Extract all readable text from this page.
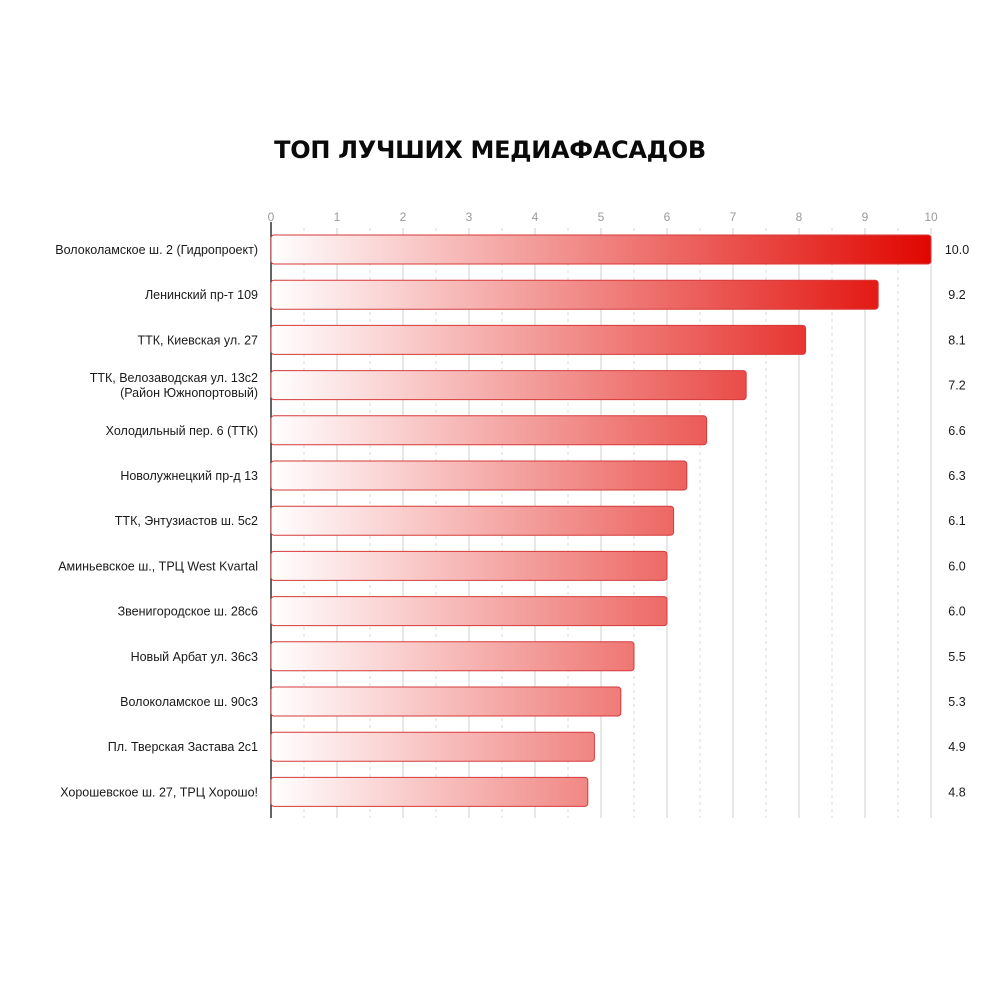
ТОП ЛУЧШИХ МЕДИАФАСАДОВ
0	1	2	3	4	5	6	7	8	9	10
Волоколамское ш. 2 (Гидропроект)
Ленинский пр-т 109
ТТК, Киевская ул. 27
ТТК, Велозаводская ул. 13с2 (Район Южнопортовый)
Холодильный пер. 6 (ТТК)
Новолужнецкий пр-д 13
ТТК, Энтузиастов ш. 5с2
Аминьевское ш., ТРЦ West Kvartal
Звенигородское ш. 28с6
Новый Арбат ул. 36с3
Волоколамское ш. 90с3
Пл. Тверская Застава 2с1
Хорошевское ш. 27, ТРЦ Хорошо!
10.0
9.2
8.1
7.2
6.6
6.3
6.1
6.0
6.0
5.5
5.3
4.9
4.8
